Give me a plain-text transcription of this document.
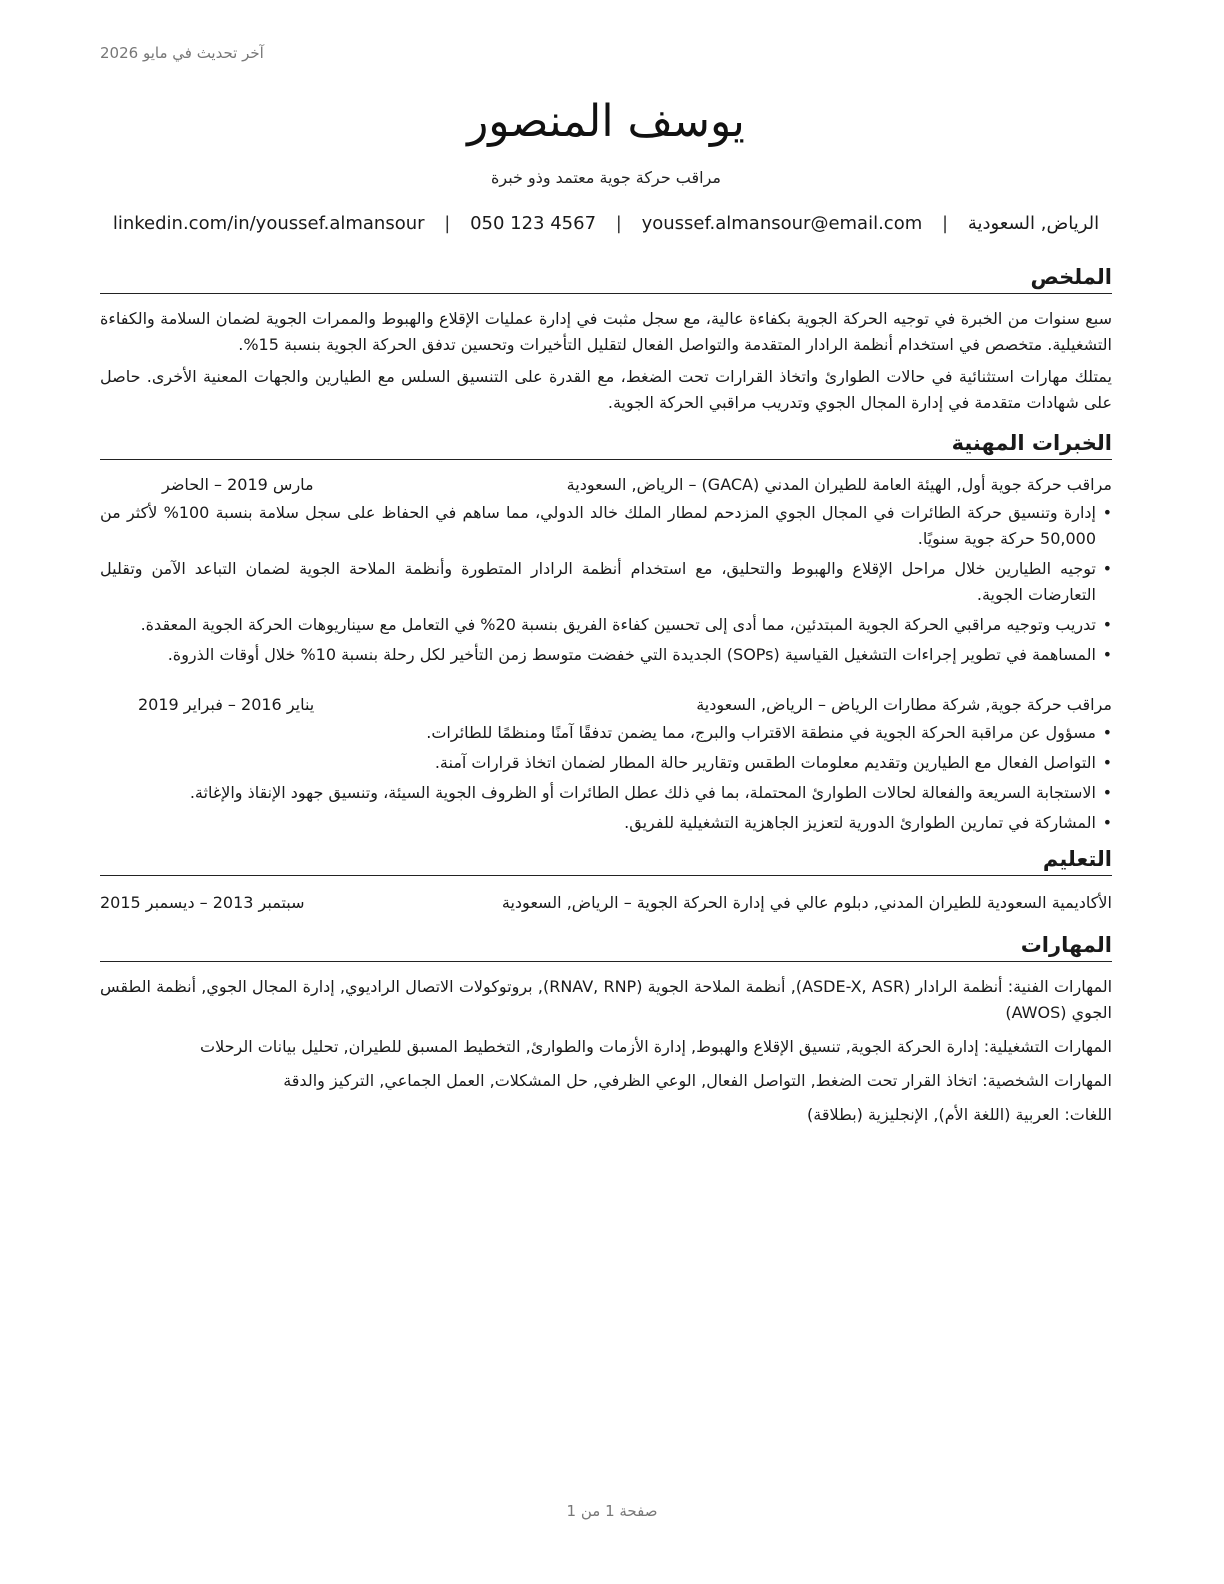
آخر تحديث في مايو 2026
يوسف المنصور
مراقب حركة جوية معتمد وذو خبرة
الرياض, السعودية | youssef.almansour@email.com | 050 123 4567 | linkedin.com/in/youssef.almansour
الملخص

سبع سنوات من الخبرة في توجيه الحركة الجوية بكفاءة عالية، مع سجل مثبت في إدارة عمليات الإقلاع والهبوط والممرات الجوية لضمان السلامة والكفاءة التشغيلية. متخصص في استخدام أنظمة الرادار المتقدمة والتواصل الفعال لتقليل التأخيرات وتحسين تدفق الحركة الجوية بنسبة 15%.

يمتلك مهارات استثنائية في حالات الطوارئ واتخاذ القرارات تحت الضغط، مع القدرة على التنسيق السلس مع الطيارين والجهات المعنية الأخرى. حاصل على شهادات متقدمة في إدارة المجال الجوي وتدريب مراقبي الحركة الجوية.

الخبرات المهنية
مراقب حركة جوية أول, الهيئة العامة للطيران المدني (GACA) – الرياض, السعودية
مارس 2019 – الحاضر
• إدارة وتنسيق حركة الطائرات في المجال الجوي المزدحم لمطار الملك خالد الدولي، مما ساهم في الحفاظ على سجل سلامة بنسبة 100% لأكثر من 50,000 حركة جوية سنويًا.
• توجيه الطيارين خلال مراحل الإقلاع والهبوط والتحليق، مع استخدام أنظمة الرادار المتطورة وأنظمة الملاحة الجوية لضمان التباعد الآمن وتقليل التعارضات الجوية.
• تدريب وتوجيه مراقبي الحركة الجوية المبتدئين، مما أدى إلى تحسين كفاءة الفريق بنسبة 20% في التعامل مع سيناريوهات الحركة الجوية المعقدة.
• المساهمة في تطوير إجراءات التشغيل القياسية (SOPs) الجديدة التي خفضت متوسط زمن التأخير لكل رحلة بنسبة 10% خلال أوقات الذروة.
مراقب حركة جوية, شركة مطارات الرياض – الرياض, السعودية
يناير 2016 – فبراير 2019
• مسؤول عن مراقبة الحركة الجوية في منطقة الاقتراب والبرج، مما يضمن تدفقًا آمنًا ومنظمًا للطائرات.
• التواصل الفعال مع الطيارين وتقديم معلومات الطقس وتقارير حالة المطار لضمان اتخاذ قرارات آمنة.
• الاستجابة السريعة والفعالة لحالات الطوارئ المحتملة، بما في ذلك عطل الطائرات أو الظروف الجوية السيئة، وتنسيق جهود الإنقاذ والإغاثة.
• المشاركة في تمارين الطوارئ الدورية لتعزيز الجاهزية التشغيلية للفريق.
التعليم
الأكاديمية السعودية للطيران المدني, دبلوم عالي في إدارة الحركة الجوية – الرياض, السعودية
سبتمبر 2013 – ديسمبر 2015
المهارات
المهارات الفنية: أنظمة الرادار (ASDE-X, ASR), أنظمة الملاحة الجوية (RNAV, RNP), بروتوكولات الاتصال الراديوي, إدارة المجال الجوي, أنظمة الطقس الجوي (AWOS)
المهارات التشغيلية: إدارة الحركة الجوية, تنسيق الإقلاع والهبوط, إدارة الأزمات والطوارئ, التخطيط المسبق للطيران, تحليل بيانات الرحلات
المهارات الشخصية: اتخاذ القرار تحت الضغط, التواصل الفعال, الوعي الظرفي, حل المشكلات, العمل الجماعي, التركيز والدقة
اللغات: العربية (اللغة الأم), الإنجليزية (بطلاقة)
صفحة 1 من 1
